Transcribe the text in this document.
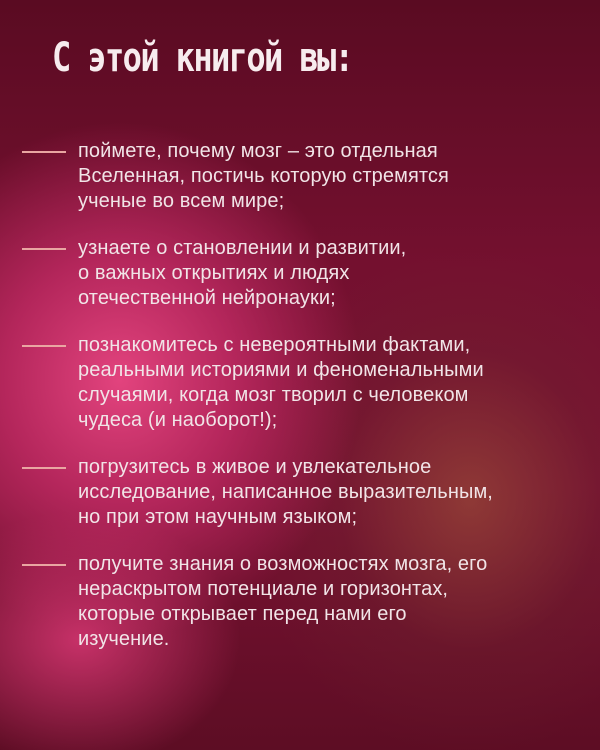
С этой книгой вы:
поймете, почему мозг – это отдельная
Вселенная, постичь которую стремятся
ученые во всем мире;
узнаете о становлении и развитии,
о важных открытиях и людях
отечественной нейронауки;
познакомитесь с невероятными фактами,
реальными историями и феноменальными
случаями, когда мозг творил с человеком
чудеса (и наоборот!);
погрузитесь в живое и увлекательное
исследование, написанное выразительным,
но при этом научным языком;
получите знания о возможностях мозга, его
нераскрытом потенциале и горизонтах,
которые открывает перед нами его
изучение.
